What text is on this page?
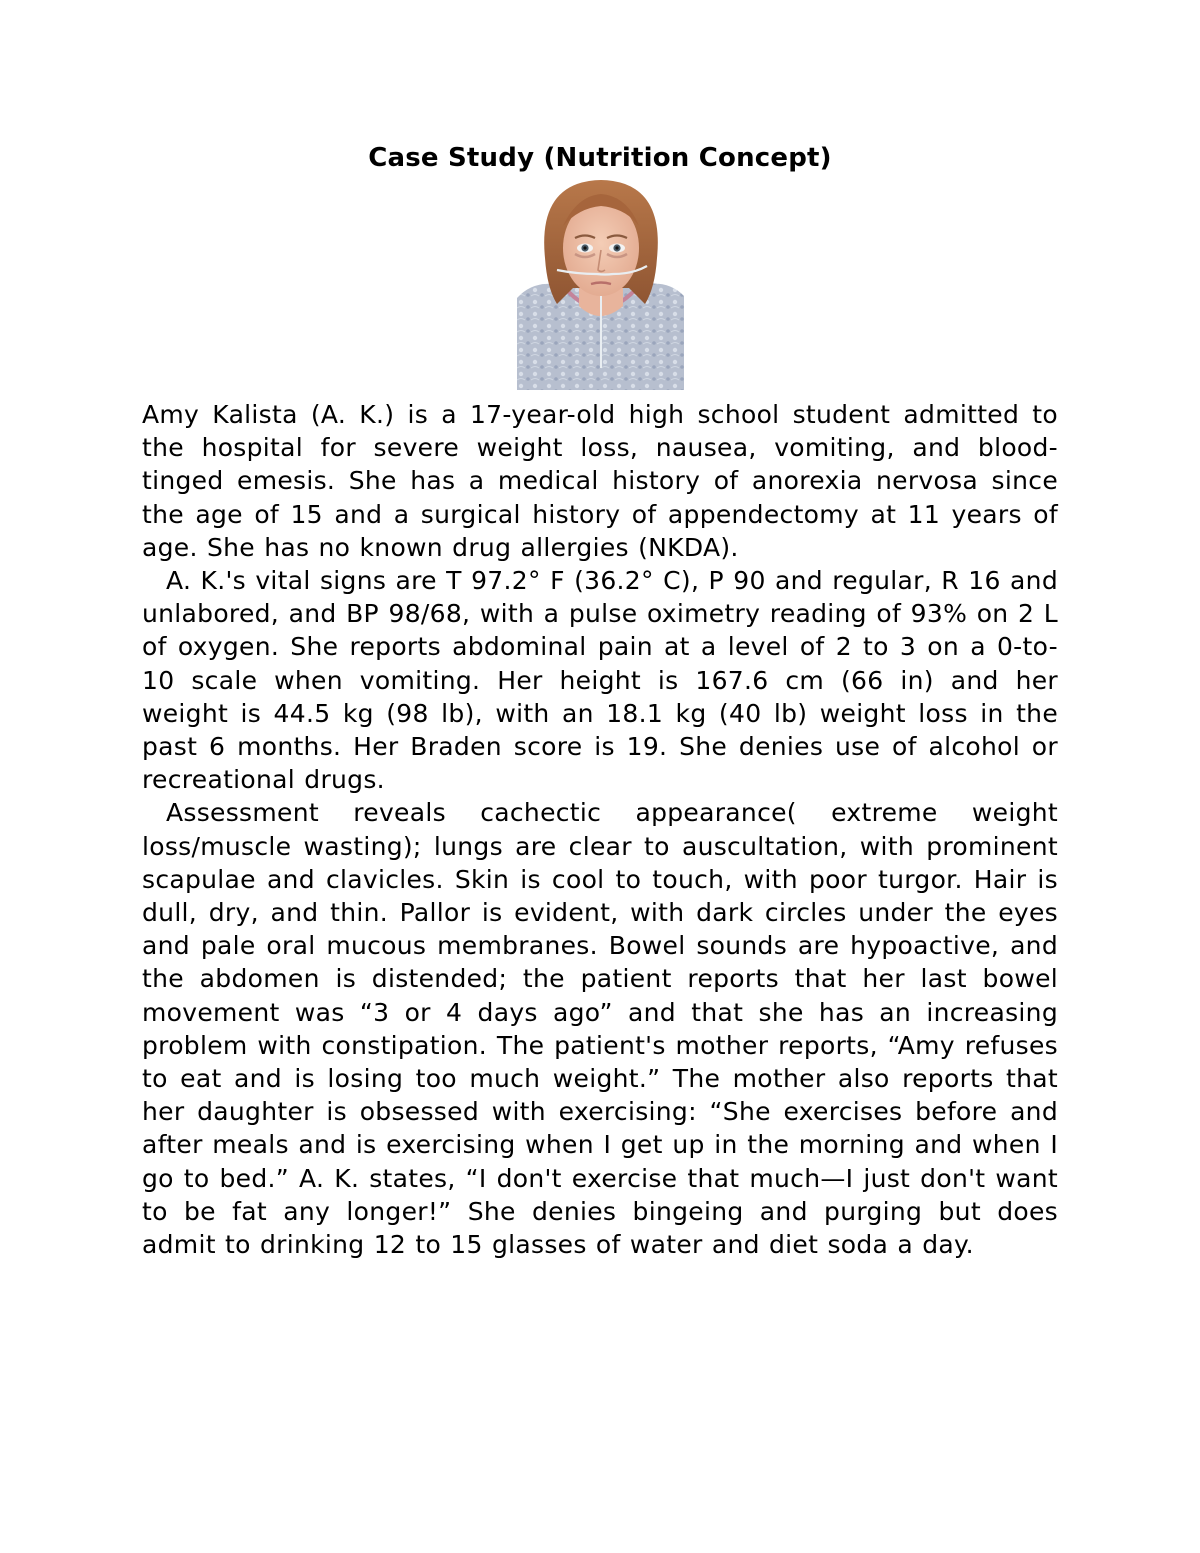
Case Study (Nutrition Concept)

Amy Kalista (A. K.) is a 17-year-old high school student admitted to the hospital for severe weight loss, nausea, vomiting, and blood-tinged emesis. She has a medical history of anorexia nervosa since the age of 15 and a surgical history of appendectomy at 11 years of age. She has no known drug allergies (NKDA).

A. K.'s vital signs are T 97.2° F (36.2° C), P 90 and regular, R 16 and unlabored, and BP 98/68, with a pulse oximetry reading of 93% on 2 L of oxygen. She reports abdominal pain at a level of 2 to 3 on a 0-to-10 scale when vomiting. Her height is 167.6 cm (66 in) and her weight is 44.5 kg (98 lb), with an 18.1 kg (40 lb) weight loss in the past 6 months. Her Braden score is 19. She denies use of alcohol or recreational drugs.

Assessment reveals cachectic appearance( extreme weight loss/muscle wasting); lungs are clear to auscultation, with prominent scapulae and clavicles. Skin is cool to touch, with poor turgor. Hair is dull, dry, and thin. Pallor is evident, with dark circles under the eyes and pale oral mucous membranes. Bowel sounds are hypoactive, and the abdomen is distended; the patient reports that her last bowel movement was “3 or 4 days ago” and that she has an increasing problem with constipation. The patient's mother reports, “Amy refuses to eat and is losing too much weight.” The mother also reports that her daughter is obsessed with exercising: “She exercises before and after meals and is exercising when I get up in the morning and when I go to bed.” A. K. states, “I don't exercise that much—I just don't want to be fat any longer!” She denies bingeing and purging but does admit to drinking 12 to 15 glasses of water and diet soda a day.
